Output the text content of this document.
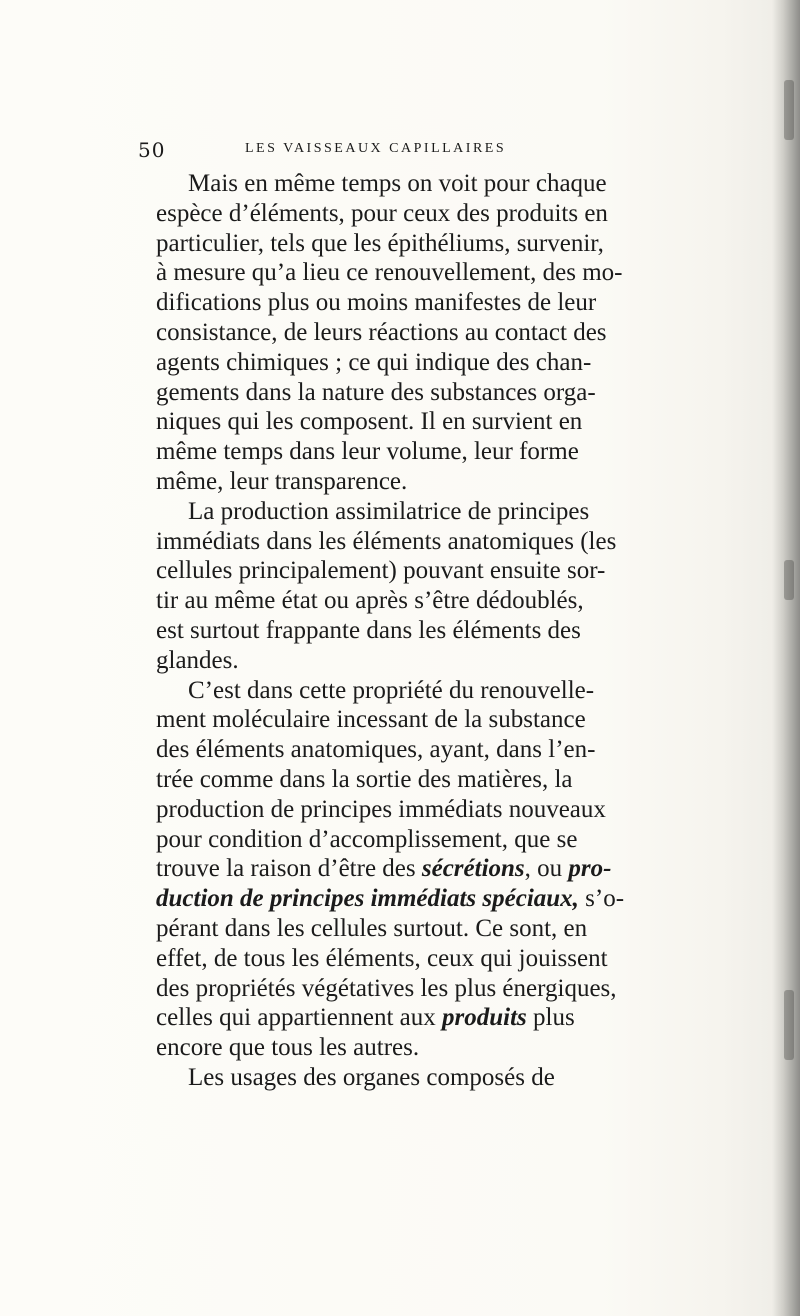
50	LES VAISSEAUX CAPILLAIRES
Mais en même temps on voit pour chaque
espèce d’éléments, pour ceux des produits en
particulier, tels que les épithéliums, survenir,
à mesure qu’a lieu ce renouvellement, des mo-
difications plus ou moins manifestes de leur
consistance, de leurs réactions au contact des
agents chimiques ; ce qui indique des chan-
gements dans la nature des substances orga-
niques qui les composent. Il en survient en
même temps dans leur volume, leur forme
même, leur transparence.
La production assimilatrice de principes
immédiats dans les éléments anatomiques (les
cellules principalement) pouvant ensuite sor-
tir au même état ou après s’être dédoublés,
est surtout frappante dans les éléments des
glandes.
C’est dans cette propriété du renouvelle-
ment moléculaire incessant de la substance
des éléments anatomiques, ayant, dans l’en-
trée comme dans la sortie des matières, la
production de principes immédiats nouveaux
pour condition d’accomplissement, que se
trouve la raison d’être des sécrétions, ou pro-
duction de principes immédiats spéciaux, s’o-
pérant dans les cellules surtout. Ce sont, en
effet, de tous les éléments, ceux qui jouissent
des propriétés végétatives les plus énergiques,
celles qui appartiennent aux produits plus
encore que tous les autres.
Les usages des organes composés de
